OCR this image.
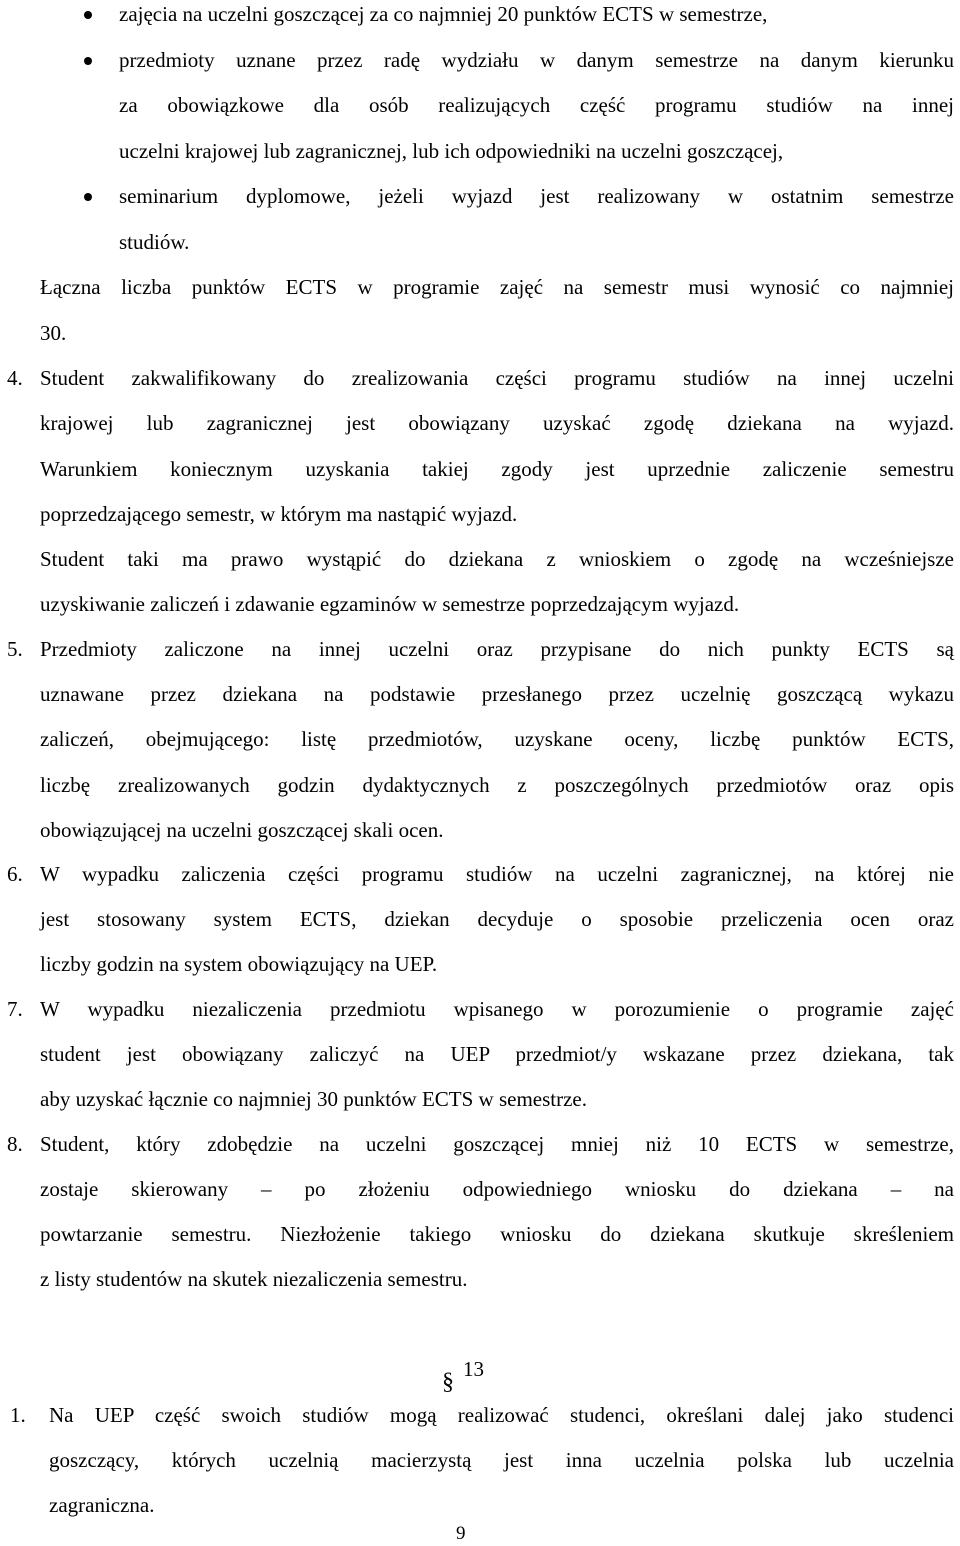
zajęcia na uczelni goszczącej za co najmniej 20 punktów ECTS w semestrze,
przedmioty uznane przez radę wydziału w danym semestrze na danym kierunku
za obowiązkowe dla osób realizujących część programu studiów na innej
uczelni krajowej lub zagranicznej, lub ich odpowiedniki na uczelni goszczącej,
seminarium dyplomowe, jeżeli wyjazd jest realizowany w ostatnim semestrze
studiów.
Łączna liczba punktów ECTS w programie zajęć na semestr musi wynosić co najmniej
30.
4. Student zakwalifikowany do zrealizowania części programu studiów na innej uczelni
krajowej lub zagranicznej jest obowiązany uzyskać zgodę dziekana na wyjazd.
Warunkiem koniecznym uzyskania takiej zgody jest uprzednie zaliczenie semestru
poprzedzającego semestr, w którym ma nastąpić wyjazd.
Student taki ma prawo wystąpić do dziekana z wnioskiem o zgodę na wcześniejsze
uzyskiwanie zaliczeń i zdawanie egzaminów w semestrze poprzedzającym wyjazd.
5. Przedmioty zaliczone na innej uczelni oraz przypisane do nich punkty ECTS są
uznawane przez dziekana na podstawie przesłanego przez uczelnię goszczącą wykazu
zaliczeń, obejmującego: listę przedmiotów, uzyskane oceny, liczbę punktów ECTS,
liczbę zrealizowanych godzin dydaktycznych z poszczególnych przedmiotów oraz opis
obowiązującej na uczelni goszczącej skali ocen.
6. W wypadku zaliczenia części programu studiów na uczelni zagranicznej, na której nie
jest stosowany system ECTS, dziekan decyduje o sposobie przeliczenia ocen oraz
liczby godzin na system obowiązujący na UEP.
7. W wypadku niezaliczenia przedmiotu wpisanego w porozumienie o programie zajęć
student jest obowiązany zaliczyć na UEP przedmiot/y wskazane przez dziekana, tak
aby uzyskać łącznie co najmniej 30 punktów ECTS w semestrze.
8. Student, który zdobędzie na uczelni goszczącej mniej niż 10 ECTS w semestrze,
zostaje skierowany – po złożeniu odpowiedniego wniosku do dziekana – na
powtarzanie semestru. Niezłożenie takiego wniosku do dziekana skutkuje skreśleniem
z listy studentów na skutek niezaliczenia semestru.
§ 13
1. Na UEP część swoich studiów mogą realizować studenci, określani dalej jako studenci
goszczący, których uczelnią macierzystą jest inna uczelnia polska lub uczelnia
zagraniczna.
9
